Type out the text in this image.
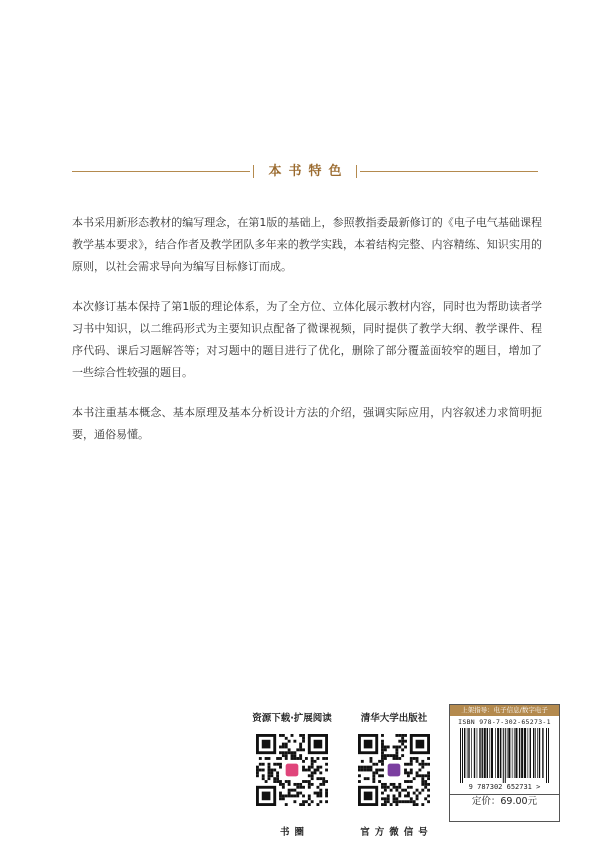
本书特色

本书采用新形态教材的编写理念，在第1版的基础上，参照教指委最新修订的《电子电气基础课程教学基本要求》，结合作者及教学团队多年来的教学实践，本着结构完整、内容精练、知识实用的原则，以社会需求导向为编写目标修订而成。

本次修订基本保持了第1版的理论体系，为了全方位、立体化展示教材内容，同时也为帮助读者学习书中知识，以二维码形式为主要知识点配备了微课视频，同时提供了教学大纲、教学课件、程序代码、课后习题解答等；对习题中的题目进行了优化，删除了部分覆盖面较窄的题目，增加了一些综合性较强的题目。

本书注重基本概念、基本原理及基本分析设计方法的介绍，强调实际应用，内容叙述力求简明扼要，通俗易懂。

资源下载·扩展阅读
书圈
清华大学出版社
官方微信号
上架指导：电子信息/数字电子
ISBN 978-7-302-65273-1
9 787302 652731 >
定价：69.00元
